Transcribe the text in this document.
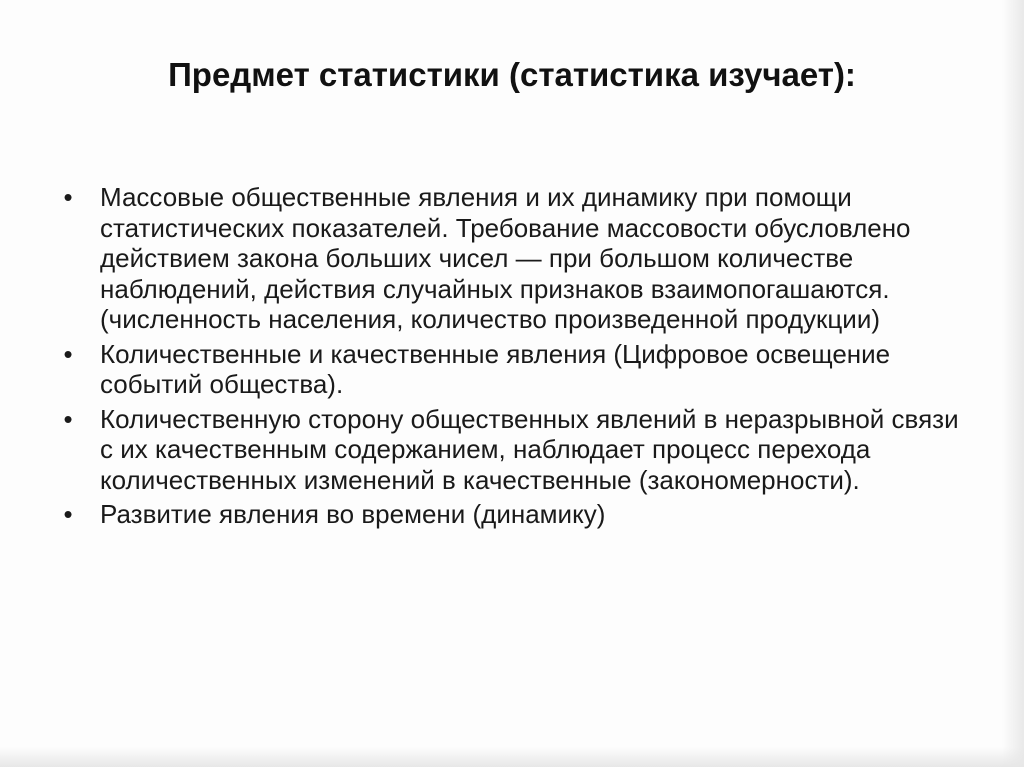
Предмет статистики (статистика изучает):
• Массовые общественные явления и их динамику при помощи статистических показателей. Требование массовости обусловлено действием закона больших чисел — при большом количестве наблюдений, действия случайных признаков взаимопогашаются. (численность населения, количество произведенной продукции)
• Количественные и качественные явления (Цифровое освещение событий общества).
• Количественную сторону общественных явлений в неразрывной связи с их качественным содержанием, наблюдает процесс перехода количественных изменений в качественные (закономерности).
• Развитие явления во времени (динамику)
